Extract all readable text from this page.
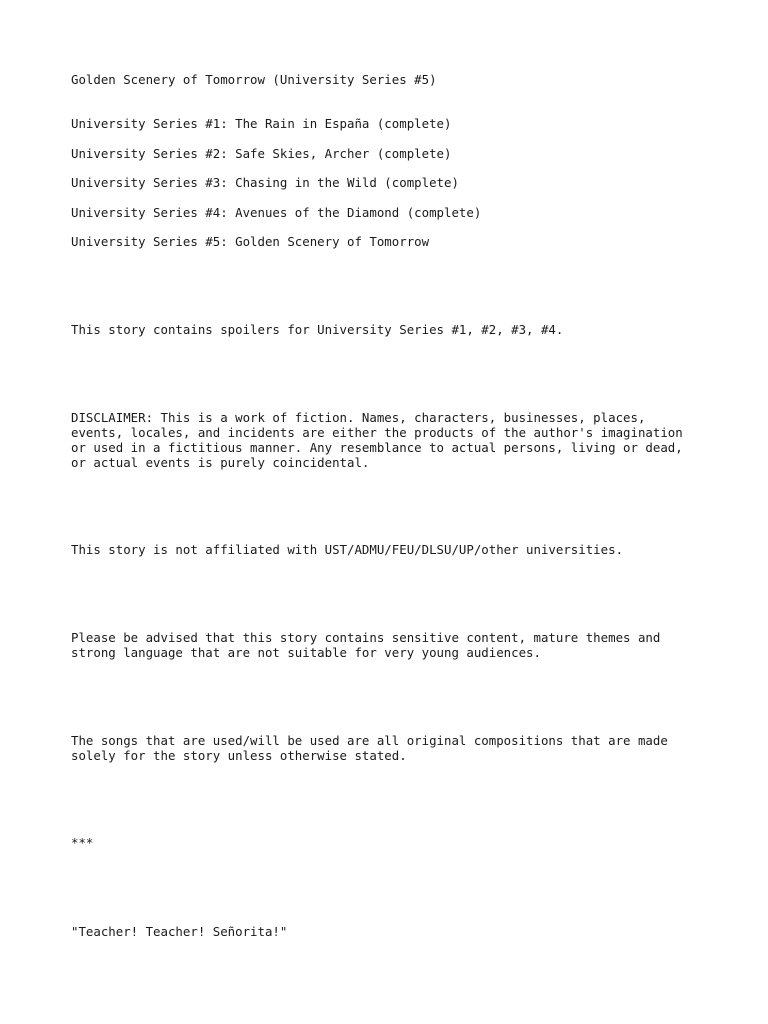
Golden Scenery of Tomorrow (University Series #5)

University Series #1: The Rain in España (complete)

University Series #2: Safe Skies, Archer (complete)

University Series #3: Chasing in the Wild (complete)

University Series #4: Avenues of the Diamond (complete)

University Series #5: Golden Scenery of Tomorrow

This story contains spoilers for University Series #1, #2, #3, #4.

DISCLAIMER: This is a work of fiction. Names, characters, businesses, places,
events, locales, and incidents are either the products of the author's imagination
or used in a fictitious manner. Any resemblance to actual persons, living or dead,
or actual events is purely coincidental.

This story is not affiliated with UST/ADMU/FEU/DLSU/UP/other universities.

Please be advised that this story contains sensitive content, mature themes and
strong language that are not suitable for very young audiences.

The songs that are used/will be used are all original compositions that are made
solely for the story unless otherwise stated.

***

"Teacher! Teacher! Señorita!"
